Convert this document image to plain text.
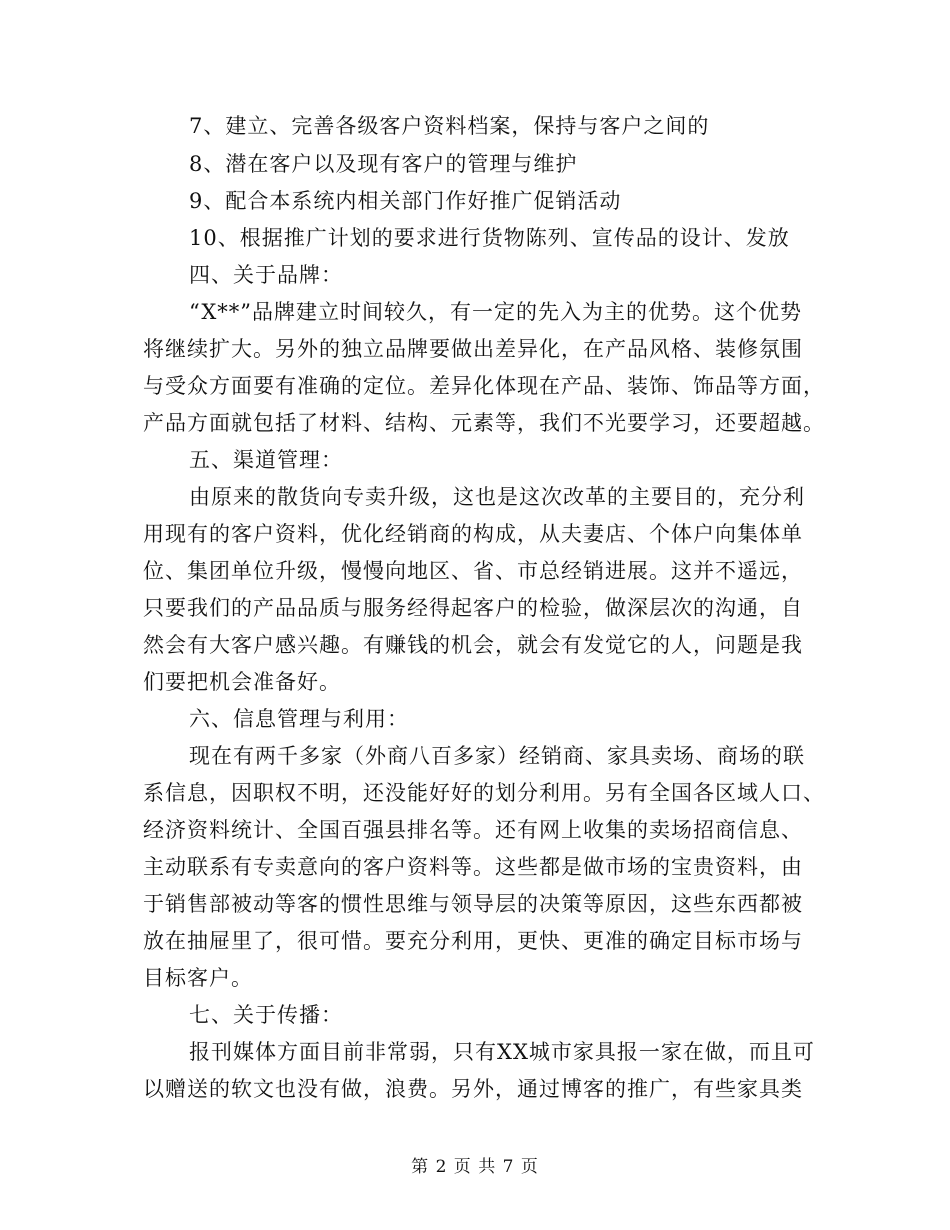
7、建立、完善各级客户资料档案，保持与客户之间的
8、潜在客户以及现有客户的管理与维护
9、配合本系统内相关部门作好推广促销活动
10、根据推广计划的要求进行货物陈列、宣传品的设计、发放
四、关于品牌：
“X**”品牌建立时间较久，有一定的先入为主的优势。这个优势
将继续扩大。另外的独立品牌要做出差异化，在产品风格、装修氛围
与受众方面要有准确的定位。差异化体现在产品、装饰、饰品等方面，
产品方面就包括了材料、结构、元素等，我们不光要学习，还要超越。
五、渠道管理：
由原来的散货向专卖升级，这也是这次改革的主要目的，充分利
用现有的客户资料，优化经销商的构成，从夫妻店、个体户向集体单
位、集团单位升级，慢慢向地区、省、市总经销进展。这并不遥远，
只要我们的产品品质与服务经得起客户的检验，做深层次的沟通，自
然会有大客户感兴趣。有赚钱的机会，就会有发觉它的人，问题是我
们要把机会准备好。
六、信息管理与利用：
现在有两千多家（外商八百多家）经销商、家具卖场、商场的联
系信息，因职权不明，还没能好好的划分利用。另有全国各区域人口、
经济资料统计、全国百强县排名等。还有网上收集的卖场招商信息、
主动联系有专卖意向的客户资料等。这些都是做市场的宝贵资料，由
于销售部被动等客的惯性思维与领导层的决策等原因，这些东西都被
放在抽屉里了，很可惜。要充分利用，更快、更准的确定目标市场与
目标客户。
七、关于传播：
报刊媒体方面目前非常弱，只有XX城市家具报一家在做，而且可
以赠送的软文也没有做，浪费。另外，通过博客的推广，有些家具类
第 2 页 共 7 页
